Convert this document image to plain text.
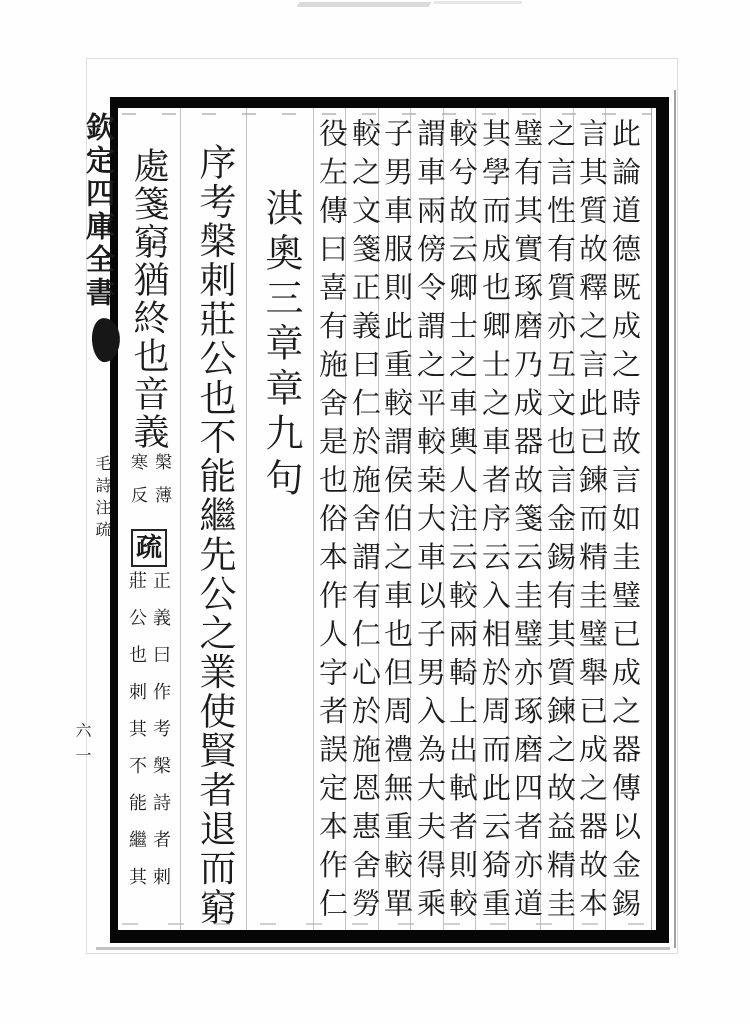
此論道德既成之時故言如圭璧已成之器傳以金錫
言其質故釋之言此已鍊而精圭璧舉已成之器故本
之言性有質亦互文也言金錫有其質鍊之故益精圭
璧有其實琢磨乃成器故箋云圭璧亦琢磨四者亦道
其學而成也卿士之車者序云入相於周而此云猗重
較兮故云卿士之車輿人注云較兩輢上出軾者則較
謂車兩傍令謂之平較桒大車以子男入為大夫得乘
子男車服則此重較謂侯伯之車也但周禮無重較單
較之文箋正義曰仁於施舍謂有仁心於施恩惠舍勞
役左傳曰喜有施舍是也俗本作人字者誤定本作仁
淇奧三章章九句
序考槃刺莊公也不能繼先公之業使賢者退而窮
處箋窮猶終也音義
槃薄
寒反
疏
正義曰作考槃詩者刺
莊公也刺其不能繼其
欽定四庫全書
毛詩注疏
六一
